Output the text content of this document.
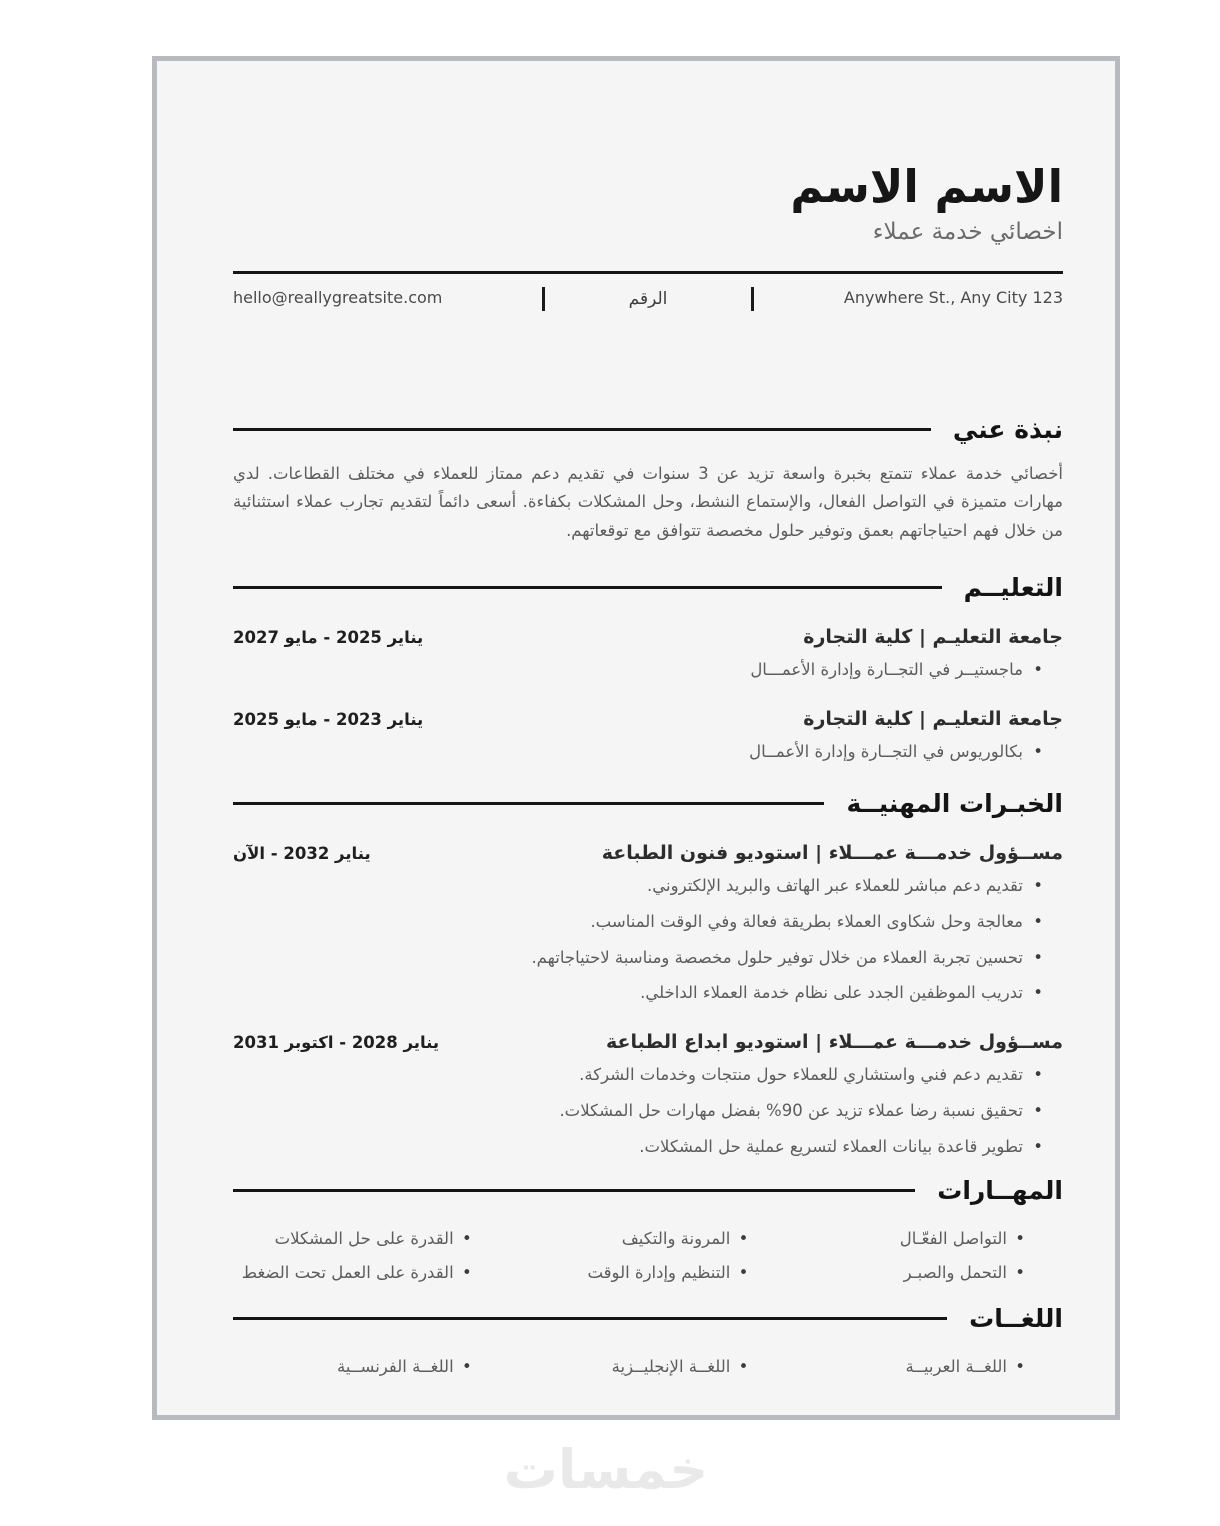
الاسم الاسم
اخصائي خدمة عملاء
123 Anywhere St., Any City
الرقم
hello@reallygreatsite.com
نبذة عني

أخصائي خدمة عملاء تتمتع بخبرة واسعة تزيد عن 3 سنوات في تقديم دعم ممتاز للعملاء في مختلف القطاعات. لدي مهارات متميزة في التواصل الفعال، والإستماع النشط، وحل المشكلات بكفاءة. أسعى دائماً لتقديم تجارب عملاء استثنائية من خلال فهم احتياجاتهم بعمق وتوفير حلول مخصصة تتوافق مع توقعاتهم.

التعليــم
جامعة التعليـم | كلية التجارة
يناير 2025 - مايو 2027
• ماجستيــر في التجــارة وإدارة الأعمـــال
جامعة التعليـم | كلية التجارة
يناير 2023 - مايو 2025
• بكالوريوس في التجــارة وإدارة الأعمــال
الخبـرات المهنيــة
مســؤول خدمـــة عمـــلاء | استوديو فنون الطباعة
يناير 2032 - الآن
• تقديم دعم مباشر للعملاء عبر الهاتف والبريد الإلكتروني.
• معالجة وحل شكاوى العملاء بطريقة فعالة وفي الوقت المناسب.
• تحسين تجربة العملاء من خلال توفير حلول مخصصة ومناسبة لاحتياجاتهم.
• تدريب الموظفين الجدد على نظام خدمة العملاء الداخلي.
مســؤول خدمـــة عمـــلاء | استوديو ابداع الطباعة
يناير 2028 - اكتوبر 2031
• تقديم دعم فني واستشاري للعملاء حول منتجات وخدمات الشركة.
• تحقيق نسبة رضا عملاء تزيد عن 90% بفضل مهارات حل المشكلات.
• تطوير قاعدة بيانات العملاء لتسريع عملية حل المشكلات.
المهــارات
• التواصل الفعّـال
• المرونة والتكيف
• القدرة على حل المشكلات
• التحمل والصبـر
• التنظيم وإدارة الوقت
• القدرة على العمل تحت الضغط
اللغــات
• اللغــة العربيــة
• اللغــة الإنجليــزية
• اللغــة الفرنســية
خمسات
